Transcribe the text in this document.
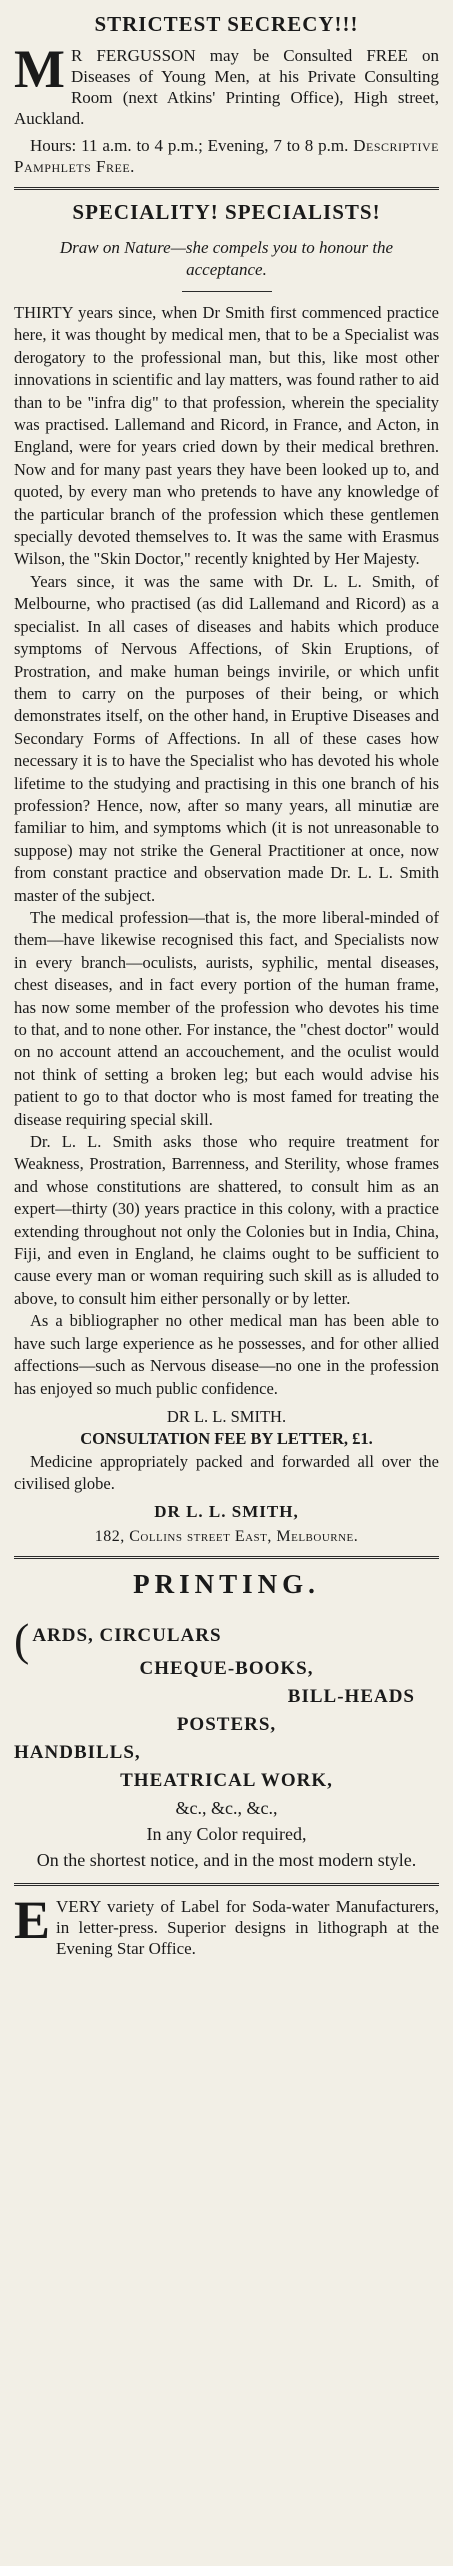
STRICTEST SECRECY!!!

M R FERGUSSON may be Consulted FREE on Diseases of Young Men, at his Private Consulting Room (next Atkins' Printing Office), High street, Auckland.

Hours: 11 a.m. to 4 p.m.; Evening, 7 to 8 p.m. Descriptive Pamphlets Free.

SPECIALITY! SPECIALISTS!

Draw on Nature—she compels you to honour the acceptance.

THIRTY years since, when Dr Smith first commenced practice here, it was thought by medical men, that to be a Specialist was derogatory to the professional man, but this, like most other innovations in scientific and lay matters, was found rather to aid than to be "infra dig" to that profession, wherein the speciality was practised. Lallemand and Ricord, in France, and Acton, in England, were for years cried down by their medical brethren. Now and for many past years they have been looked up to, and quoted, by every man who pretends to have any knowledge of the particular branch of the profession which these gentlemen specially devoted themselves to. It was the same with Erasmus Wilson, the "Skin Doctor," recently knighted by Her Majesty.

Years since, it was the same with Dr. L. L. Smith, of Melbourne, who practised (as did Lallemand and Ricord) as a specialist. In all cases of diseases and habits which produce symptoms of Nervous Affections, of Skin Eruptions, of Prostration, and make human beings invirile, or which unfit them to carry on the purposes of their being, or which demonstrates itself, on the other hand, in Eruptive Diseases and Secondary Forms of Affections. In all of these cases how necessary it is to have the Specialist who has devoted his whole lifetime to the studying and practising in this one branch of his profession? Hence, now, after so many years, all minutiæ are familiar to him, and symptoms which (it is not unreasonable to suppose) may not strike the General Practitioner at once, now from constant practice and observation made Dr. L. L. Smith master of the subject.

The medical profession—that is, the more liberal-minded of them—have likewise recognised this fact, and Specialists now in every branch—oculists, aurists, syphilic, mental diseases, chest diseases, and in fact every portion of the human frame, has now some member of the profession who devotes his time to that, and to none other. For instance, the "chest doctor" would on no account attend an accouchement, and the oculist would not think of setting a broken leg; but each would advise his patient to go to that doctor who is most famed for treating the disease requiring special skill.

Dr. L. L. Smith asks those who require treatment for Weakness, Prostration, Barrenness, and Sterility, whose frames and whose constitutions are shattered, to consult him as an expert—thirty (30) years practice in this colony, with a practice extending throughout not only the Colonies but in India, China, Fiji, and even in England, he claims ought to be sufficient to cause every man or woman requiring such skill as is alluded to above, to consult him either personally or by letter.

As a bibliographer no other medical man has been able to have such large experience as he possesses, and for other allied affections—such as Nervous disease—no one in the profession has enjoyed so much public confidence.

DR L. L. SMITH.

CONSULTATION FEE BY LETTER, £1.

Medicine appropriately packed and forwarded all over the civilised globe.

DR L. L. SMITH,

182, Collins street East, Melbourne.

PRINTING.

( ARDS, CIRCULARS

CHEQUE-BOOKS,

BILL-HEADS

POSTERS,

HANDBILLS,

THEATRICAL WORK,

&c., &c., &c.,

In any Color required,

On the shortest notice, and in the most modern style.

EVERY variety of Label for Soda-water Manufacturers, in letter-press. Superior designs in lithograph at the Evening Star Office.
